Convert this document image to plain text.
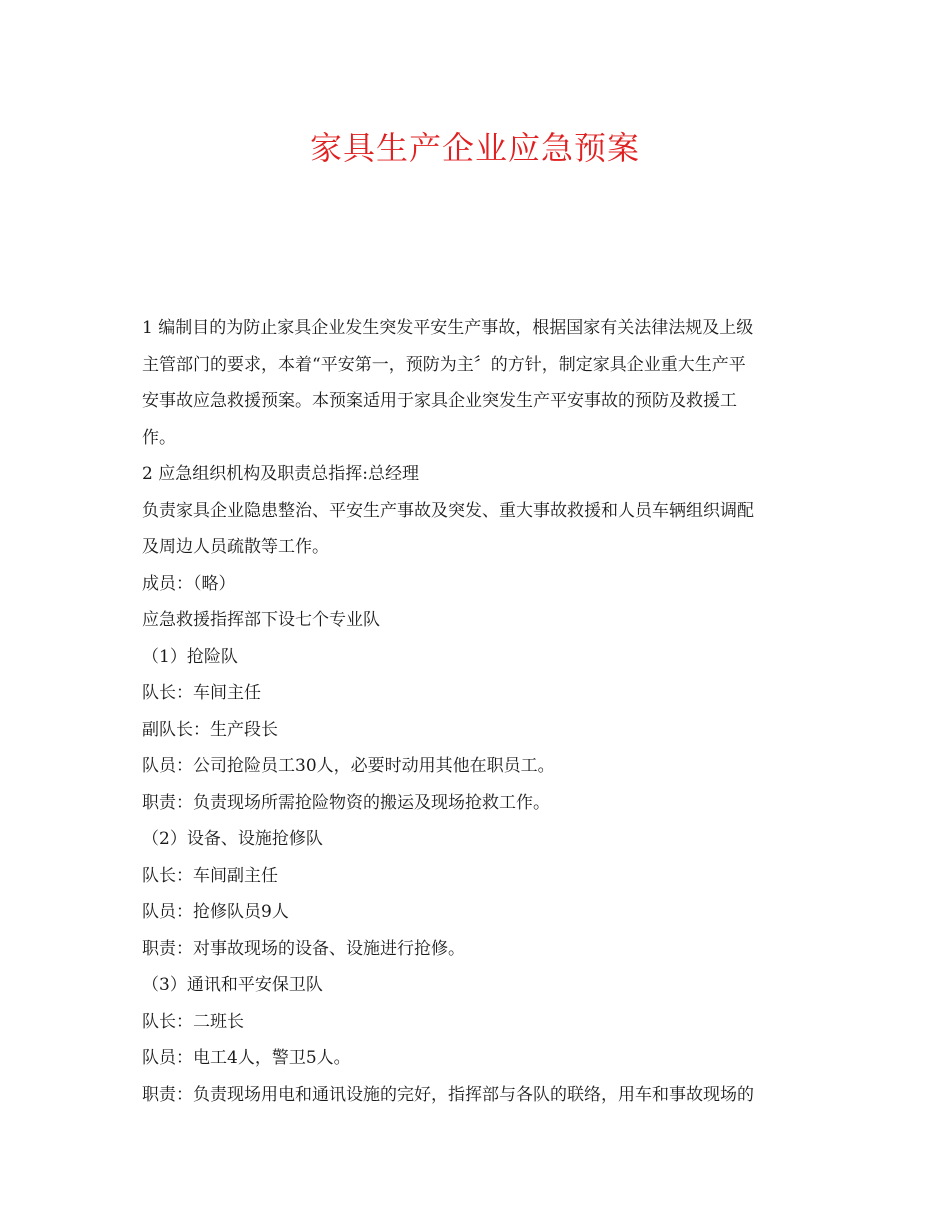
家具生产企业应急预案

1 编制目的为防止家具企业发生突发平安生产事故，根据国家有关法律法规及上级

主管部门的要求，本着“平安第一，预防为主〞的方针，制定家具企业重大生产平

安事故应急救援预案。本预案适用于家具企业突发生产平安事故的预防及救援工

作。

2 应急组织机构及职责总指挥:总经理

负责家具企业隐患整治、平安生产事故及突发、重大事故救援和人员车辆组织调配

及周边人员疏散等工作。

成员：（略）

应急救援指挥部下设七个专业队

（1）抢险队

队长：车间主任

副队长：生产段长

队员：公司抢险员工30人，必要时动用其他在职员工。

职责：负责现场所需抢险物资的搬运及现场抢救工作。

（2）设备、设施抢修队

队长：车间副主任

队员：抢修队员9人

职责：对事故现场的设备、设施进行抢修。

（3）通讯和平安保卫队

队长：二班长

队员：电工4人，警卫5人。

职责：负责现场用电和通讯设施的完好，指挥部与各队的联络，用车和事故现场的
